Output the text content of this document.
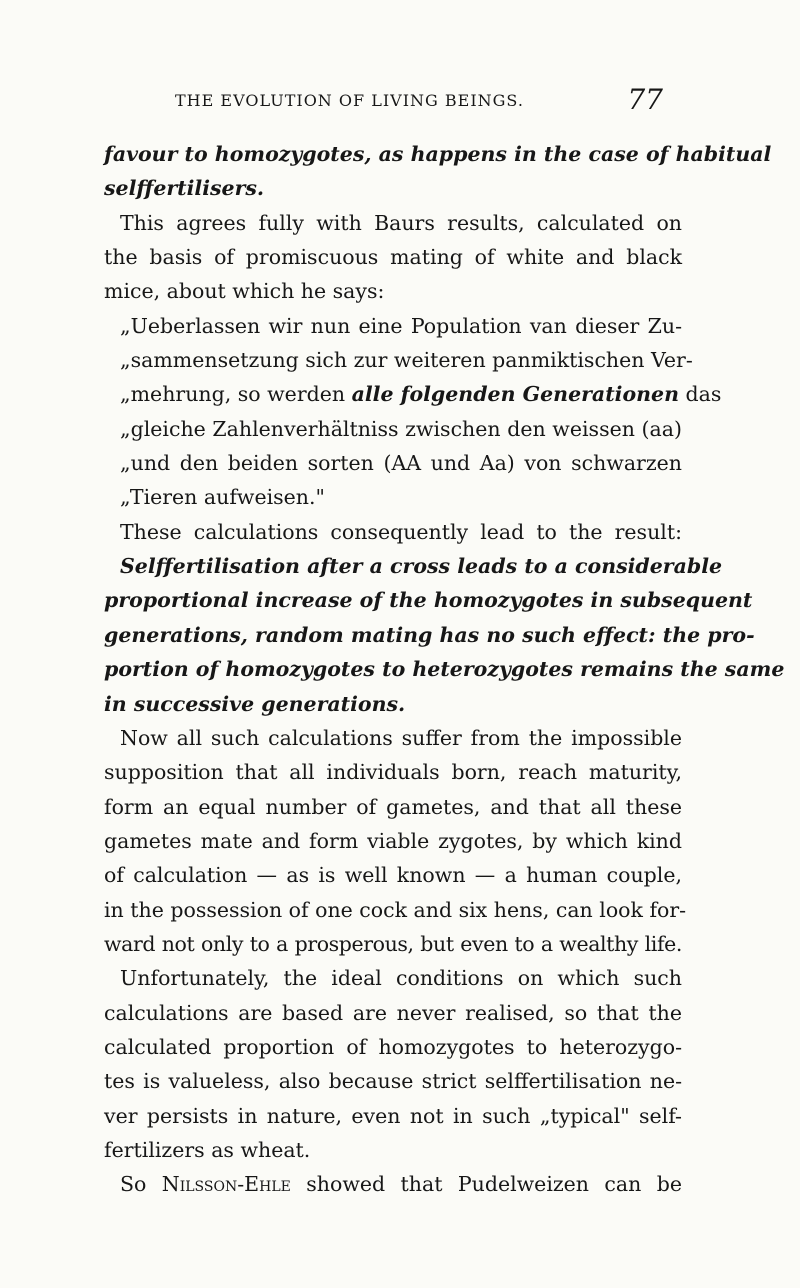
THE EVOLUTION OF LIVING BEINGS.	77
favour to homozygotes, as happens in the case of habitual
selffertilisers.
This agrees fully with Baurs results, calculated on
the basis of promiscuous mating of white and black
mice, about which he says:
„Ueberlassen wir nun eine Population van dieser Zu-
„sammensetzung sich zur weiteren panmiktischen Ver-
„mehrung, so werden alle folgenden Generationen das
„gleiche Zahlenverhältniss zwischen den weissen (aa)
„und den beiden sorten (AA und Aa) von schwarzen
„Tieren aufweisen."
These calculations consequently lead to the result:
Selffertilisation after a cross leads to a considerable
proportional increase of the homozygotes in subsequent
generations, random mating has no such effect: the pro-
portion of homozygotes to heterozygotes remains the same
in successive generations.
Now all such calculations suffer from the impossible
supposition that all individuals born, reach maturity,
form an equal number of gametes, and that all these
gametes mate and form viable zygotes, by which kind
of calculation — as is well known — a human couple,
in the possession of one cock and six hens, can look for-
ward not only to a prosperous, but even to a wealthy life.
Unfortunately, the ideal conditions on which such
calculations are based are never realised, so that the
calculated proportion of homozygotes to heterozygo-
tes is valueless, also because strict selffertilisation ne-
ver persists in nature, even not in such „typical" self-
fertilizers as wheat.
So Nilsson-Ehle showed that Pudelweizen can be
